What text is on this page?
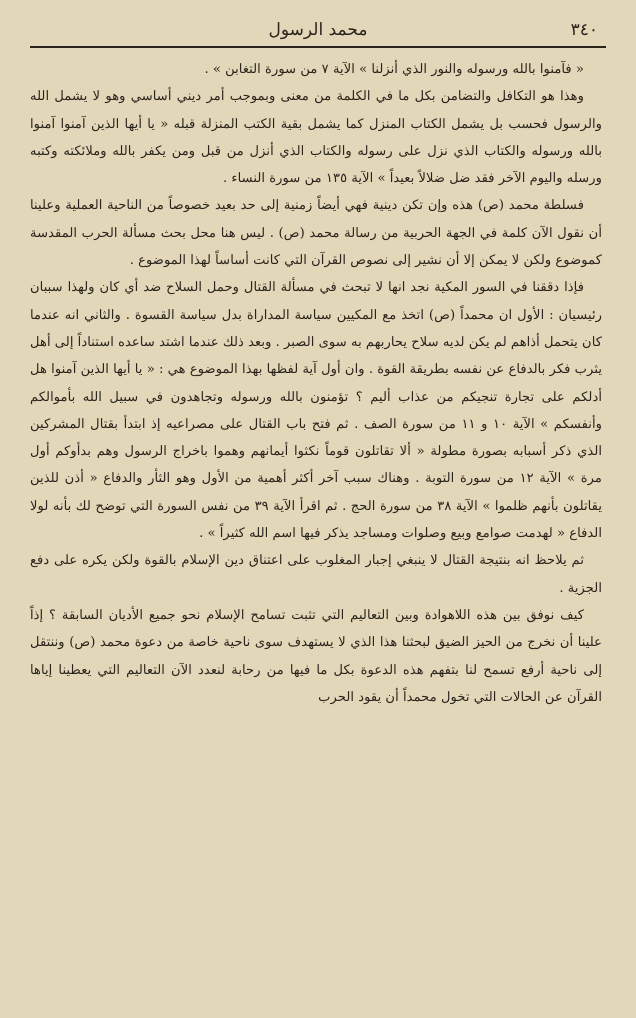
٣٤٠
محمد الرسول

« فآمنوا بالله ورسوله والنور الذي أنزلنا » الآية ٧ من سورة التغابن » .

وهذا هو التكافل والتضامن بكل ما في الكلمة من معنى وبموجب أمر ديني أساسي وهو لا يشمل الله والرسول فحسب بل يشمل الكتاب المنزل كما يشمل بقية الكتب المنزلة قبله « يا أيها الذين آمنوا آمنوا بالله ورسوله والكتاب الذي نزل على رسوله والكتاب الذي أنزل من قبل ومن يكفر بالله وملائكته وكتبه ورسله واليوم الآخر فقد ضل ضلالاً بعيداً » الآية ١٣٥ من سورة النساء .

فسلطة محمد (ص) هذه وإن تكن دينية فهي أيضاً زمنية إلى حد بعيد خصوصاً من الناحية العملية وعلينا أن نقول الآن كلمة في الجهة الحربية من رسالة محمد (ص) . ليس هنا محل بحث مسألة الحرب المقدسة كموضوع ولكن لا يمكن إلا أن نشير إلى نصوص القرآن التي كانت أساساً لهذا الموضوع .

فإذا دققنا في السور المكية نجد انها لا تبحث في مسألة القتال وحمل السلاح ضد أي كان ولهذا سببان رئيسيان : الأول ان محمداً (ص) اتخذ مع المكيين سياسة المداراة بدل سياسة القسوة . والثاني انه عندما كان يتحمل أذاهم لم يكن لديه سلاح يحاربهم به سوى الصبر . وبعد ذلك عندما اشتد ساعده استناداً إلى أهل يثرب فكر بالدفاع عن نفسه بطريقة القوة . وان أول آية لفظها بهذا الموضوع هي : « يا أيها الذين آمنوا هل أدلكم على تجارة تنجيكم من عذاب أليم ؟ تؤمنون بالله ورسوله وتجاهدون في سبيل الله بأموالكم وأنفسكم » الآية ١٠ و ١١ من سورة الصف . ثم فتح باب القتال على مصراعيه إذ ابتدأ بقتال المشركين الذي ذكر أسبابه بصورة مطولة « ألا تقاتلون قوماً نكثوا أيمانهم وهموا باخراج الرسول وهم بدأوكم أول مرة » الآية ١٢ من سورة التوبة . وهناك سبب آخر أكثر أهمية من الأول وهو الثأر والدفاع « أذن للذين يقاتلون بأنهم ظلموا » الآية ٣٨ من سورة الحج . ثم اقرأ الآية ٣٩ من نفس السورة التي توضح لك بأنه لولا الدفاع « لهدمت صوامع وبيع وصلوات ومساجد يذكر فيها اسم الله كثيراً » .

ثم يلاحظ انه بنتيجة القتال لا ينبغي إجبار المغلوب على اعتناق دين الإسلام بالقوة ولكن يكره على دفع الجزية .

كيف نوفق بين هذه اللاهوادة وبين التعاليم التي تثبت تسامح الإسلام نحو جميع الأديان السابقة ؟ إذاً علينا أن نخرج من الحيز الضيق لبحثنا هذا الذي لا يستهدف سوى ناحية خاصة من دعوة محمد (ص) وننتقل إلى ناحية أرفع تسمح لنا بتفهم هذه الدعوة بكل ما فيها من رحابة لنعدد الآن التعاليم التي يعطينا إياها القرآن عن الحالات التي تخول محمداً أن يقود الحرب
